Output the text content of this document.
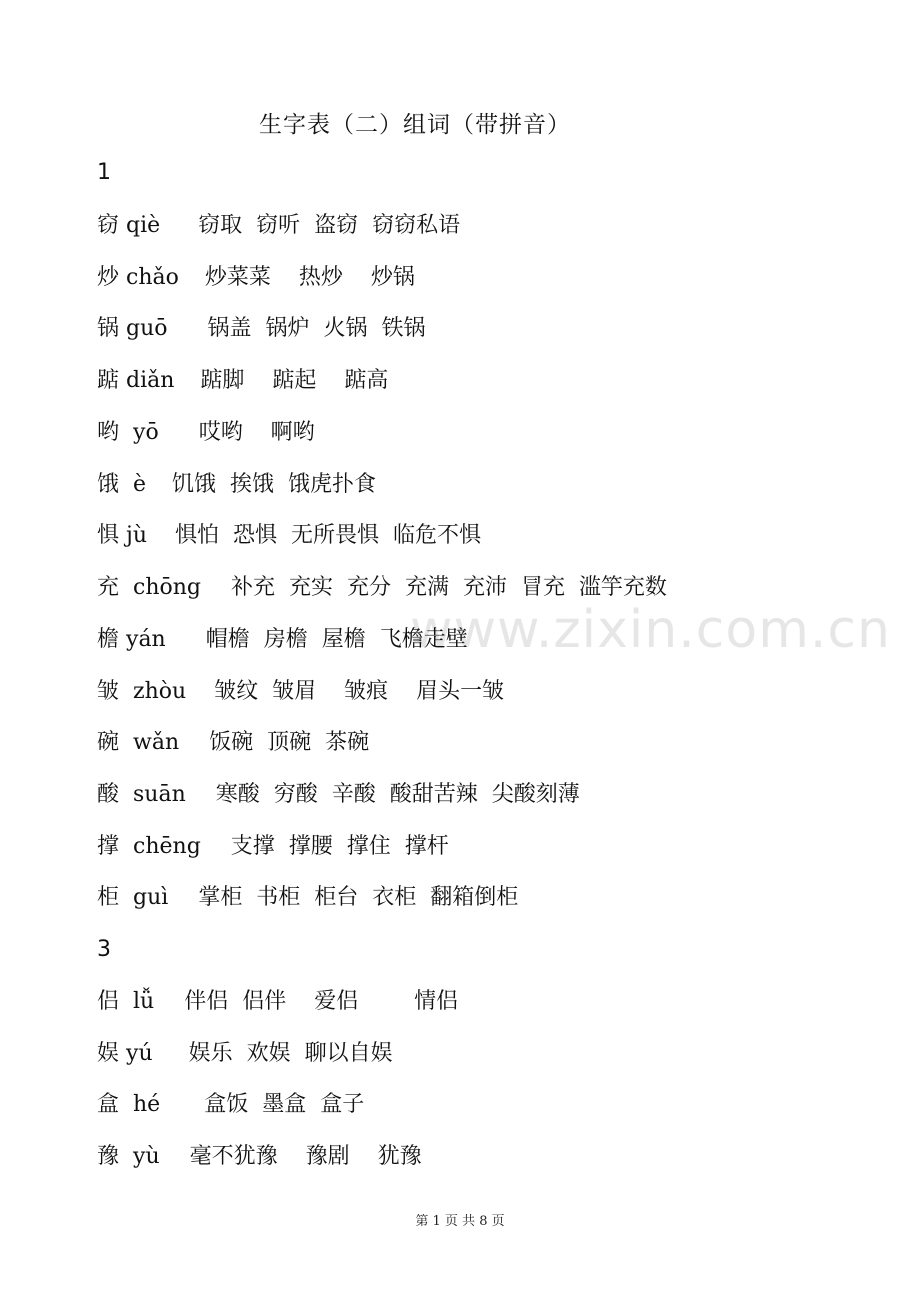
生字表（二）组词（带拼音）
www.zixin.com.cn
1
窃 qiè 窃取  窃听  盗窃  窃窃私语
炒 chǎo 炒菜菜    热炒    炒锅
锅 guō 锅盖  锅炉  火锅  铁锅
踮 diǎn 踮脚    踮起    踮高
哟 yō 哎哟    啊哟
饿 è 饥饿  挨饿  饿虎扑食
惧 jù 惧怕  恐惧  无所畏惧  临危不惧
充 chōng 补充  充实  充分  充满  充沛  冒充  滥竽充数
檐 yán 帽檐  房檐  屋檐  飞檐走壁
皱 zhòu 皱纹  皱眉    皱痕    眉头一皱
碗 wǎn 饭碗  顶碗  茶碗
酸 suān 寒酸  穷酸  辛酸  酸甜苦辣  尖酸刻薄
撑 chēng 支撑  撑腰  撑住  撑杆
柜 guì 掌柜  书柜  柜台  衣柜  翻箱倒柜
3
侣 lǚ 伴侣  侣伴    爱侣        情侣
娱 yú 娱乐  欢娱  聊以自娱
盒 hé 盒饭  墨盒  盒子
豫 yù 毫不犹豫    豫剧    犹豫
第 1 页 共 8 页
